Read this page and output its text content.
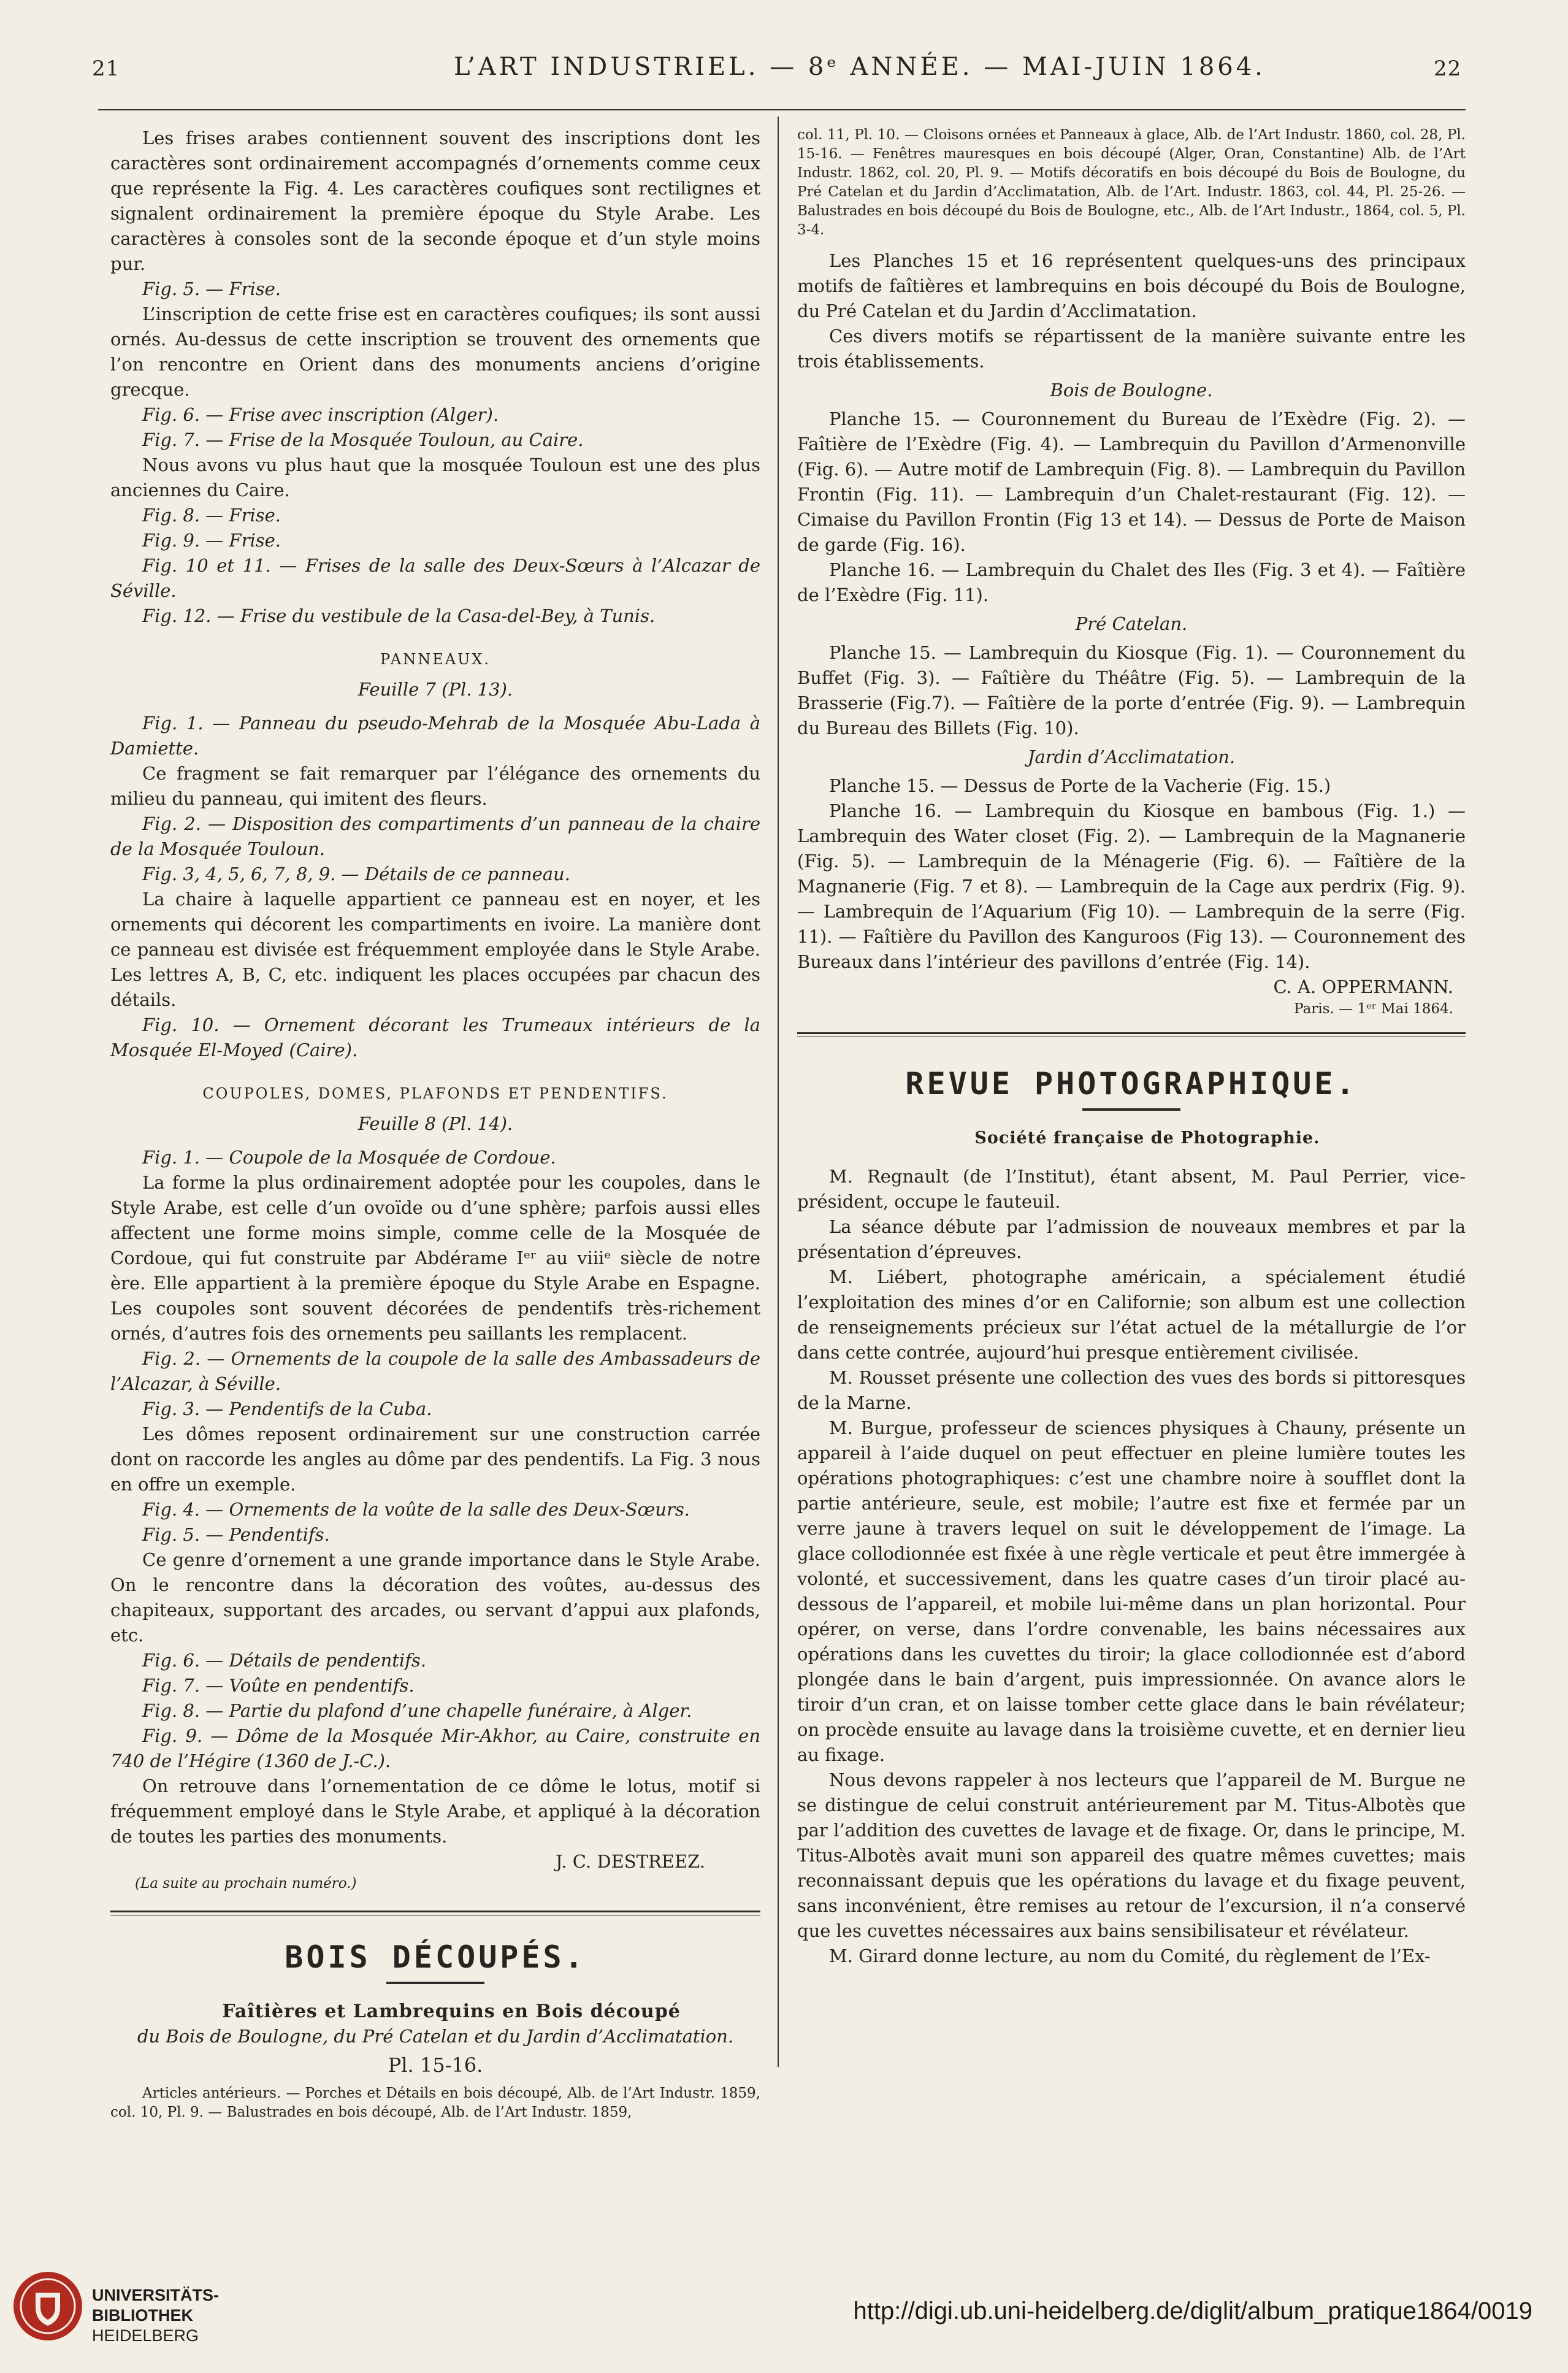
21	L’ART INDUSTRIEL. — 8ᵉ ANNÉE. — MAI-JUIN 1864.	22

Les frises arabes contiennent souvent des inscriptions dont les caractères sont ordinairement accompagnés d’ornements comme ceux que représente la Fig. 4. Les caractères couﬁques sont rectilignes et signalent ordinairement la première époque du Style Arabe. Les caractères à consoles sont de la seconde époque et d’un style moins pur.

Fig. 5. — Frise.

L’inscription de cette frise est en caractères couﬁques; ils sont aussi ornés. Au-dessus de cette inscription se trouvent des ornements que l’on rencontre en Orient dans des monuments anciens d’origine grecque.

Fig. 6. — Frise avec inscription (Alger).

Fig. 7. — Frise de la Mosquée Touloun, au Caire.

Nous avons vu plus haut que la mosquée Touloun est une des plus anciennes du Caire.

Fig. 8. — Frise.

Fig. 9. — Frise.

Fig. 10 et 11. — Frises de la salle des Deux-Sœurs à l’Alcazar de Séville.

Fig. 12. — Frise du vestibule de la Casa-del-Bey, à Tunis.

PANNEAUX.

Feuille 7 (Pl. 13).

Fig. 1. — Panneau du pseudo-Mehrab de la Mosquée Abu-Lada à Damiette.

Ce fragment se fait remarquer par l’élégance des ornements du milieu du panneau, qui imitent des ﬂeurs.

Fig. 2. — Disposition des compartiments d’un panneau de la chaire de la Mosquée Touloun.

Fig. 3, 4, 5, 6, 7, 8, 9. — Détails de ce panneau.

La chaire à laquelle appartient ce panneau est en noyer, et les ornements qui décorent les compartiments en ivoire. La manière dont ce panneau est divisée est fréquemment employée dans le Style Arabe. Les lettres A, B, C, etc. indiquent les places occupées par chacun des détails.

Fig. 10. — Ornement décorant les Trumeaux intérieurs de la Mosquée El-Moyed (Caire).

COUPOLES, DOMES, PLAFONDS ET PENDENTIFS.

Feuille 8 (Pl. 14).

Fig. 1. — Coupole de la Mosquée de Cordoue.

La forme la plus ordinairement adoptée pour les coupoles, dans le Style Arabe, est celle d’un ovoïde ou d’une sphère; parfois aussi elles affectent une forme moins simple, comme celle de la Mosquée de Cordoue, qui fut construite par Abdérame Iᵉʳ au viiiᵉ siècle de notre ère. Elle appartient à la première époque du Style Arabe en Espagne. Les coupoles sont souvent décorées de pendentifs très-richement ornés, d’autres fois des ornements peu saillants les remplacent.

Fig. 2. — Ornements de la coupole de la salle des Ambassadeurs de l’Alcazar, à Séville.

Fig. 3. — Pendentifs de la Cuba.

Les dômes reposent ordinairement sur une construction carrée dont on raccorde les angles au dôme par des pendentifs. La Fig. 3 nous en offre un exemple.

Fig. 4. — Ornements de la voûte de la salle des Deux-Sœurs.

Fig. 5. — Pendentifs.

Ce genre d’ornement a une grande importance dans le Style Arabe. On le rencontre dans la décoration des voûtes, au-dessus des chapiteaux, supportant des arcades, ou servant d’appui aux plafonds, etc.

Fig. 6. — Détails de pendentifs.

Fig. 7. — Voûte en pendentifs.

Fig. 8. — Partie du plafond d’une chapelle funéraire, à Alger.

Fig. 9. — Dôme de la Mosquée Mir-Akhor, au Caire, construite en 740 de l’Hégire (1360 de J.-C.).

On retrouve dans l’ornementation de ce dôme le lotus, motif si fréquemment employé dans le Style Arabe, et appliqué à la décoration de toutes les parties des monuments.

J. C. DESTREEZ.

(La suite au prochain numéro.)

BOIS DÉCOUPÉS.

Faîtières et Lambrequins en Bois découpé

du Bois de Boulogne, du Pré Catelan et du Jardin d’Acclimatation.

Pl. 15-16.

Articles antérieurs. — Porches et Détails en bois découpé, Alb. de l’Art Industr. 1859, col. 10, Pl. 9. — Balustrades en bois découpé, Alb. de l’Art Industr. 1859,

col. 11, Pl. 10. — Cloisons ornées et Panneaux à glace, Alb. de l’Art Industr. 1860, col. 28, Pl. 15-16. — Fenêtres mauresques en bois découpé (Alger, Oran, Constantine) Alb. de l’Art Industr. 1862, col. 20, Pl. 9. — Motifs décoratifs en bois découpé du Bois de Boulogne, du Pré Catelan et du Jardin d’Acclimatation, Alb. de l’Art. Industr. 1863, col. 44, Pl. 25-26. — Balustrades en bois découpé du Bois de Boulogne, etc., Alb. de l’Art Industr., 1864, col. 5, Pl. 3-4.

Les Planches 15 et 16 représentent quelques-uns des principaux motifs de faîtières et lambrequins en bois découpé du Bois de Boulogne, du Pré Catelan et du Jardin d’Acclimatation.

Ces divers motifs se répartissent de la manière suivante entre les trois établissements.

Bois de Boulogne.

Planche 15. — Couronnement du Bureau de l’Exèdre (Fig. 2). — Faîtière de l’Exèdre (Fig. 4). — Lambrequin du Pavillon d’Armenonville (Fig. 6). — Autre motif de Lambrequin (Fig. 8). — Lambrequin du Pavillon Frontin (Fig. 11). — Lambrequin d’un Chalet-restaurant (Fig. 12). — Cimaise du Pavillon Frontin (Fig 13 et 14). — Dessus de Porte de Maison de garde (Fig. 16).

Planche 16. — Lambrequin du Chalet des Iles (Fig. 3 et 4). — Faîtière de l’Exèdre (Fig. 11).

Pré Catelan.

Planche 15. — Lambrequin du Kiosque (Fig. 1). — Couronnement du Buffet (Fig. 3). — Faîtière du Théâtre (Fig. 5). — Lambrequin de la Brasserie (Fig.7). — Faîtière de la porte d’entrée (Fig. 9). — Lambrequin du Bureau des Billets (Fig. 10).

Jardin d’Acclimatation.

Planche 15. — Dessus de Porte de la Vacherie (Fig. 15.)

Planche 16. — Lambrequin du Kiosque en bambous (Fig. 1.) — Lambrequin des Water closet (Fig. 2). — Lambrequin de la Magnanerie (Fig. 5). — Lambrequin de la Ménagerie (Fig. 6). — Faîtière de la Magnanerie (Fig. 7 et 8). — Lambrequin de la Cage aux perdrix (Fig. 9). — Lambrequin de l’Aquarium (Fig 10). — Lambrequin de la serre (Fig. 11). — Faîtière du Pavillon des Kanguroos (Fig 13). — Couronnement des Bureaux dans l’intérieur des pavillons d’entrée (Fig. 14).

C. A. OPPERMANN.

Paris. — 1ᵉʳ Mai 1864.

REVUE PHOTOGRAPHIQUE.

Société française de Photographie.

M. Regnault (de l’Institut), étant absent, M. Paul Perrier, vice-président, occupe le fauteuil.

La séance débute par l’admission de nouveaux membres et par la présentation d’épreuves.

M. Liébert, photographe américain, a spécialement étudié l’exploitation des mines d’or en Californie; son album est une collection de renseignements précieux sur l’état actuel de la métallurgie de l’or dans cette contrée, aujourd’hui presque entièrement civilisée.

M. Rousset présente une collection des vues des bords si pittoresques de la Marne.

M. Burgue, professeur de sciences physiques à Chauny, présente un appareil à l’aide duquel on peut effectuer en pleine lumière toutes les opérations photographiques: c’est une chambre noire à soufﬂet dont la partie antérieure, seule, est mobile; l’autre est ﬁxe et fermée par un verre jaune à travers lequel on suit le développement de l’image. La glace collodionnée est ﬁxée à une règle verticale et peut être immergée à volonté, et successivement, dans les quatre cases d’un tiroir placé au-dessous de l’appareil, et mobile lui-même dans un plan horizontal. Pour opérer, on verse, dans l’ordre convenable, les bains nécessaires aux opérations dans les cuvettes du tiroir; la glace collodionnée est d’abord plongée dans le bain d’argent, puis impressionnée. On avance alors le tiroir d’un cran, et on laisse tomber cette glace dans le bain révélateur; on procède ensuite au lavage dans la troisième cuvette, et en dernier lieu au ﬁxage.

Nous devons rappeler à nos lecteurs que l’appareil de M. Burgue ne se distingue de celui construit antérieurement par M. Titus-Albotès que par l’addition des cuvettes de lavage et de ﬁxage. Or, dans le principe, M. Titus-Albotès avait muni son appareil des quatre mêmes cuvettes; mais reconnaissant depuis que les opérations du lavage et du ﬁxage peuvent, sans inconvénient, être remises au retour de l’excursion, il n’a conservé que les cuvettes nécessaires aux bains sensibilisateur et révélateur.

M. Girard donne lecture, au nom du Comité, du règlement de l’Ex-

UNIVERSITÄTS-
BIBLIOTHEK
HEIDELBERG
http://digi.ub.uni-heidelberg.de/diglit/album_pratique1864/0019
